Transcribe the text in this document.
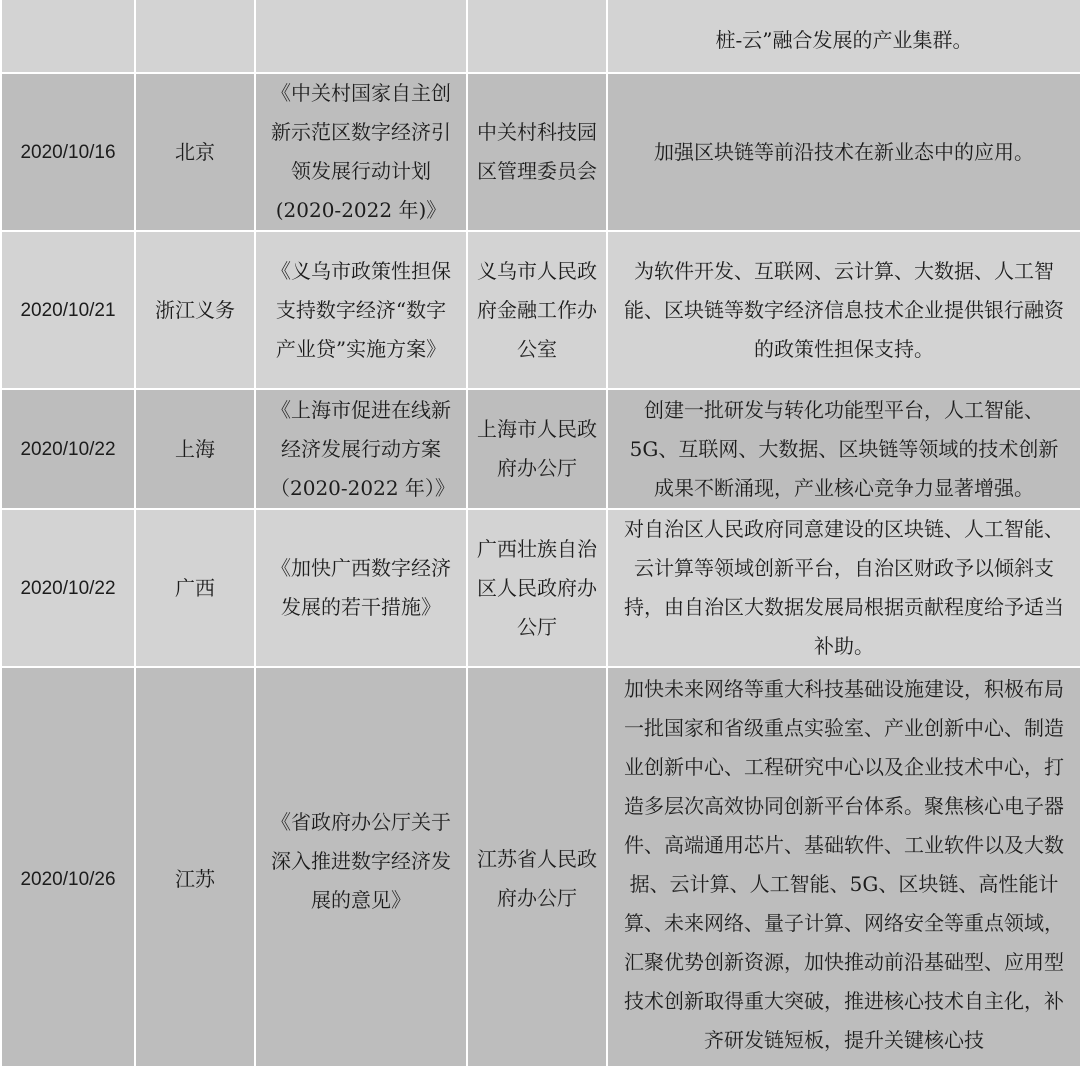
				桩-云”融合发展的产业集群。
2020/10/16	北京	《中关村国家自主创新示范区数字经济引领发展行动计划(2020-2022 年)》	中关村科技园区管理委员会	加强区块链等前沿技术在新业态中的应用。
2020/10/21	浙江义务	《义乌市政策性担保支持数字经济“数字产业贷”实施方案》	义乌市人民政府金融工作办公室	为软件开发、互联网、云计算、大数据、人工智能、区块链等数字经济信息技术企业提供银行融资的政策性担保支持。
2020/10/22	上海	《上海市促进在线新经济发展行动方案（2020-2022 年）》	上海市人民政府办公厅	创建一批研发与转化功能型平台，人工智能、5G、互联网、大数据、区块链等领域的技术创新成果不断涌现，产业核心竞争力显著增强。
2020/10/22	广西	《加快广西数字经济发展的若干措施》	广西壮族自治区人民政府办公厅	对自治区人民政府同意建设的区块链、人工智能、云计算等领域创新平台，自治区财政予以倾斜支持，由自治区大数据发展局根据贡献程度给予适当补助。
2020/10/26	江苏	《省政府办公厅关于深入推进数字经济发展的意见》	江苏省人民政府办公厅	加快未来网络等重大科技基础设施建设，积极布局一批国家和省级重点实验室、产业创新中心、制造业创新中心、工程研究中心以及企业技术中心，打造多层次高效协同创新平台体系。聚焦核心电子器件、高端通用芯片、基础软件、工业软件以及大数据、云计算、人工智能、5G、区块链、高性能计算、未来网络、量子计算、网络安全等重点领域，汇聚优势创新资源，加快推动前沿基础型、应用型技术创新取得重大突破，推进核心技术自主化，补齐研发链短板，提升关键核心技
